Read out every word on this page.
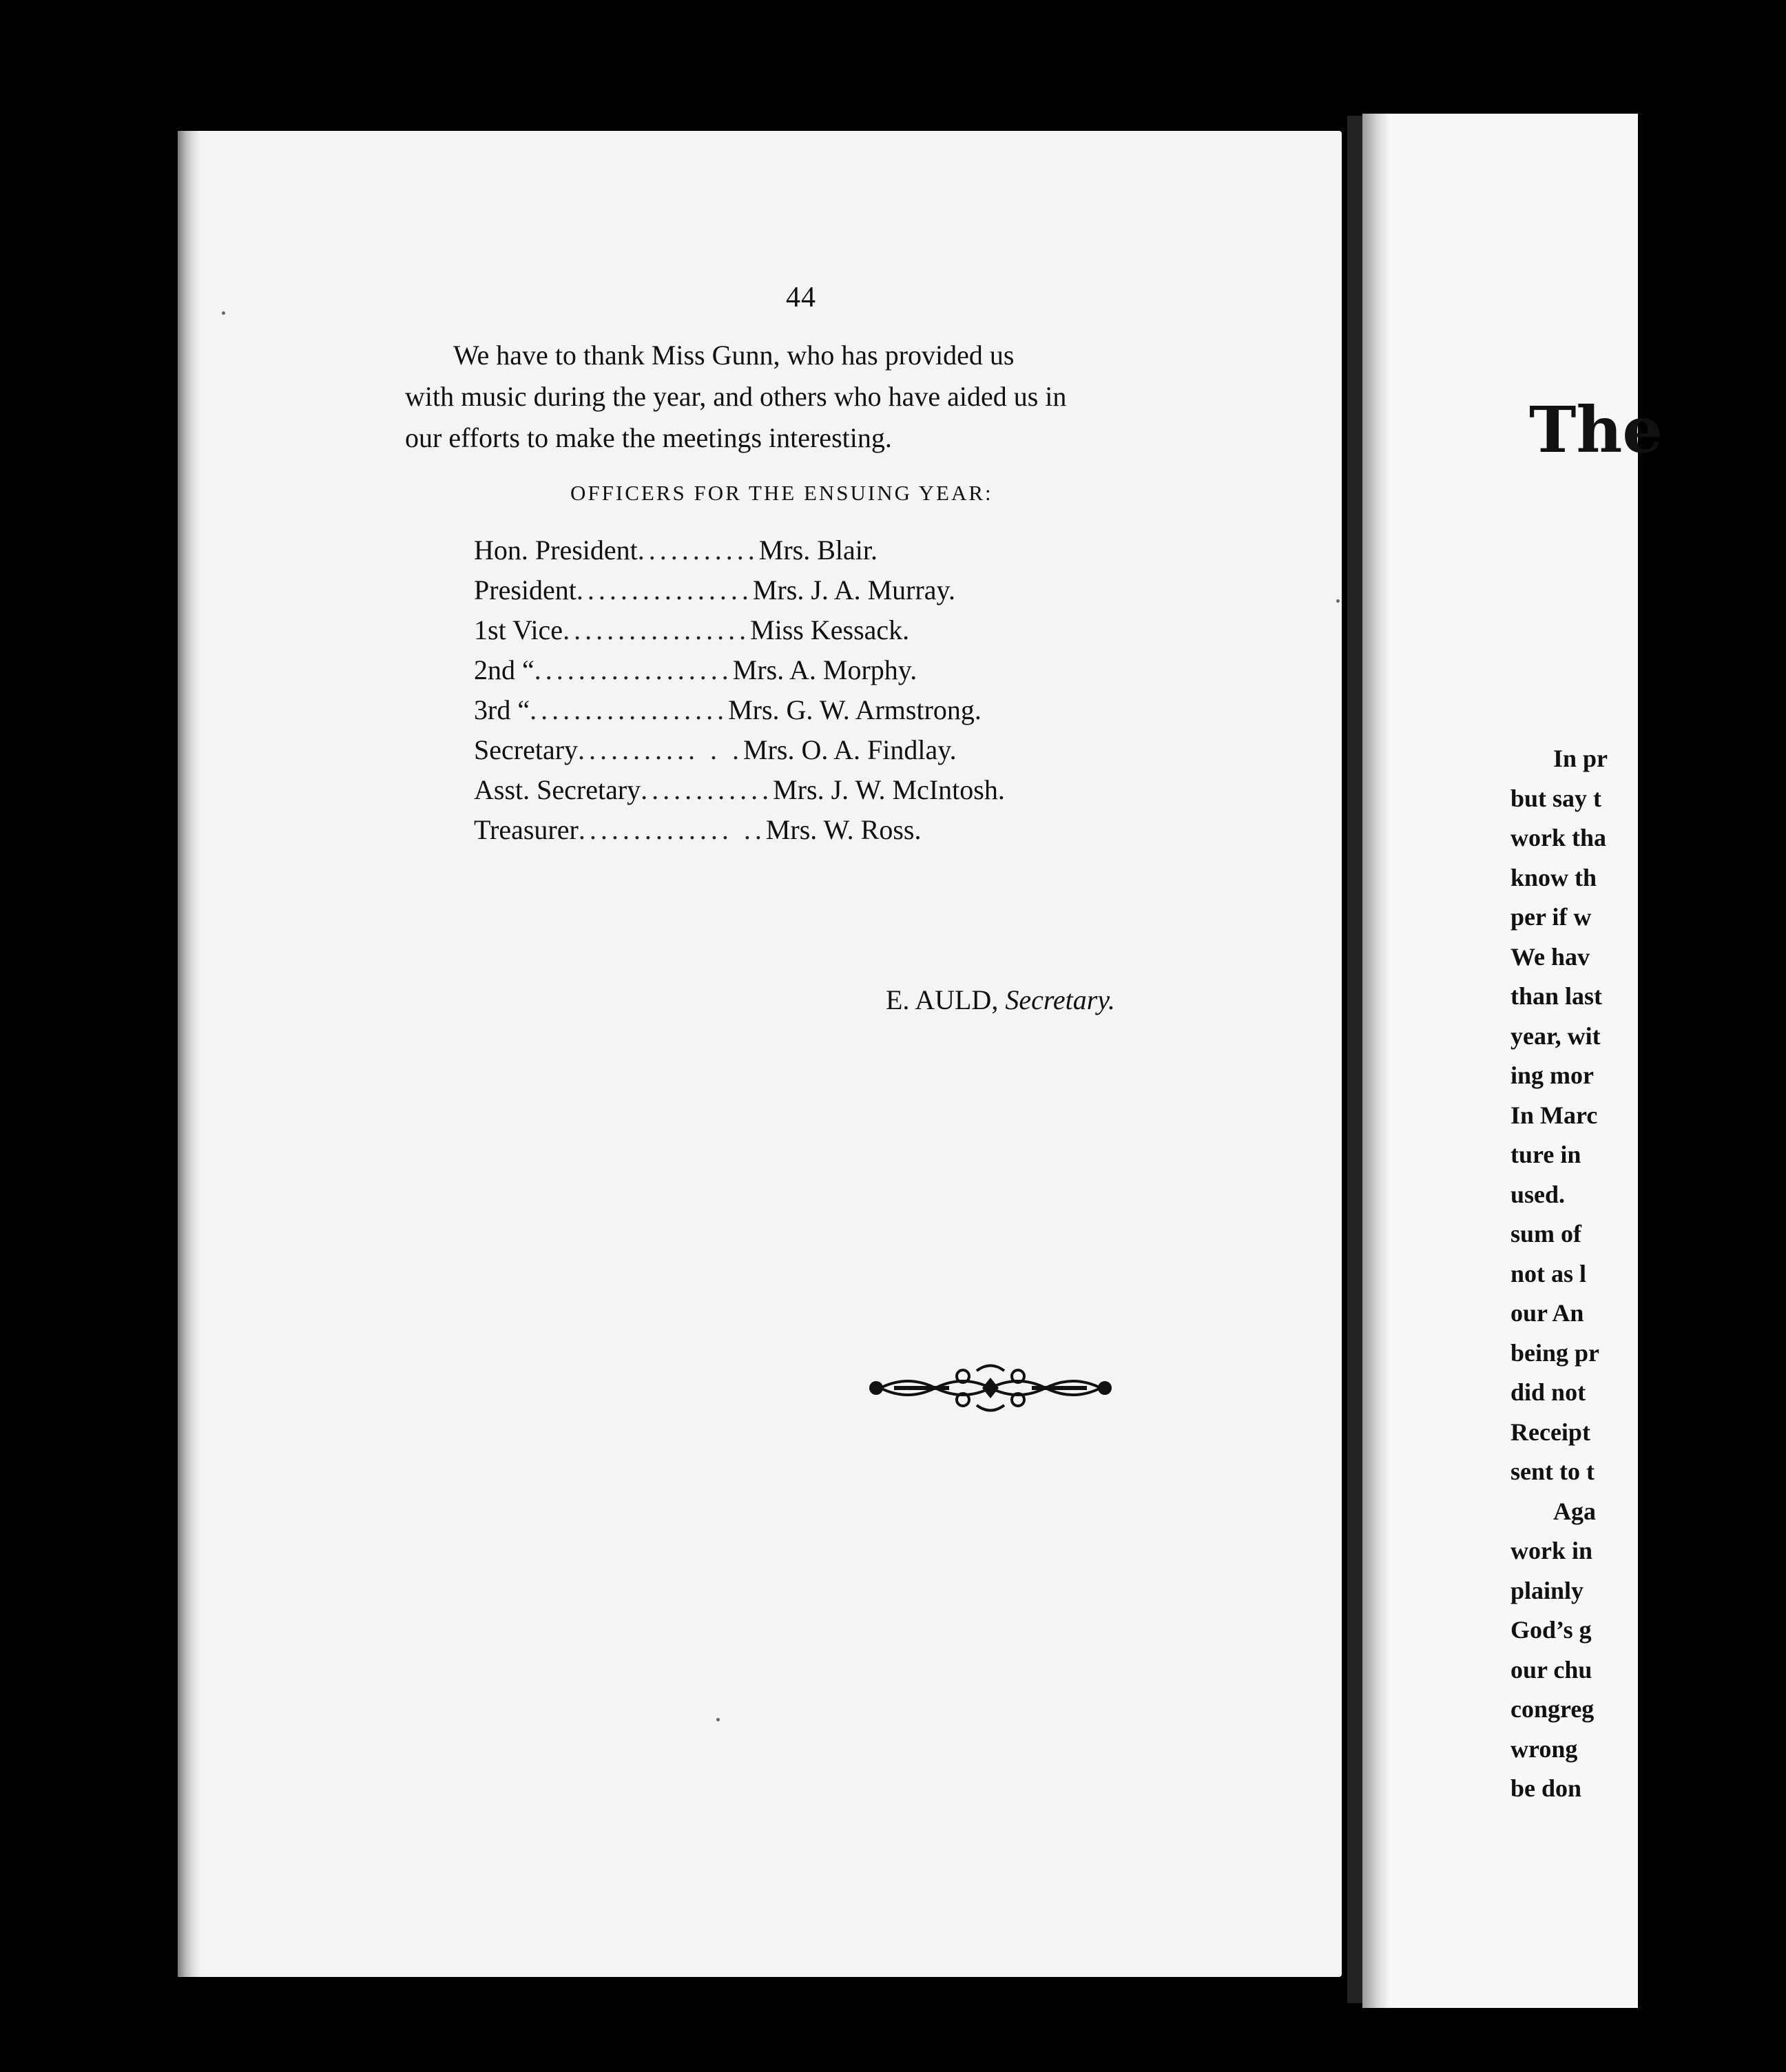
44

We have to thank Miss Gunn, who has provided us
with music during the year, and others who have aided us in
our efforts to make the meetings interesting.

OFFICERS FOR THE ENSUING YEAR:
Hon. President ........... Mrs. Blair.
President ................ Mrs. J. A. Murray.
1st Vice ................. Miss Kessack.
2nd “ .................. Mrs. A. Morphy.
3rd “ .................. Mrs. G. W. Armstrong.
Secretary ........... . . Mrs. O. A. Findlay.
Asst. Secretary ............ Mrs. J. W. McIntosh.
Treasurer .............. .. Mrs. W. Ross.
E. AULD, Secretary.
The
In pr
but say t
work tha
know th
per if w
We hav
than last
year, wit
ing mor
In Marc
ture in
used.
sum of
not as l
our An
being pr
did not
Receipt
sent to t
Aga
work in
plainly
God’s g
our chu
congreg
wrong
be don
